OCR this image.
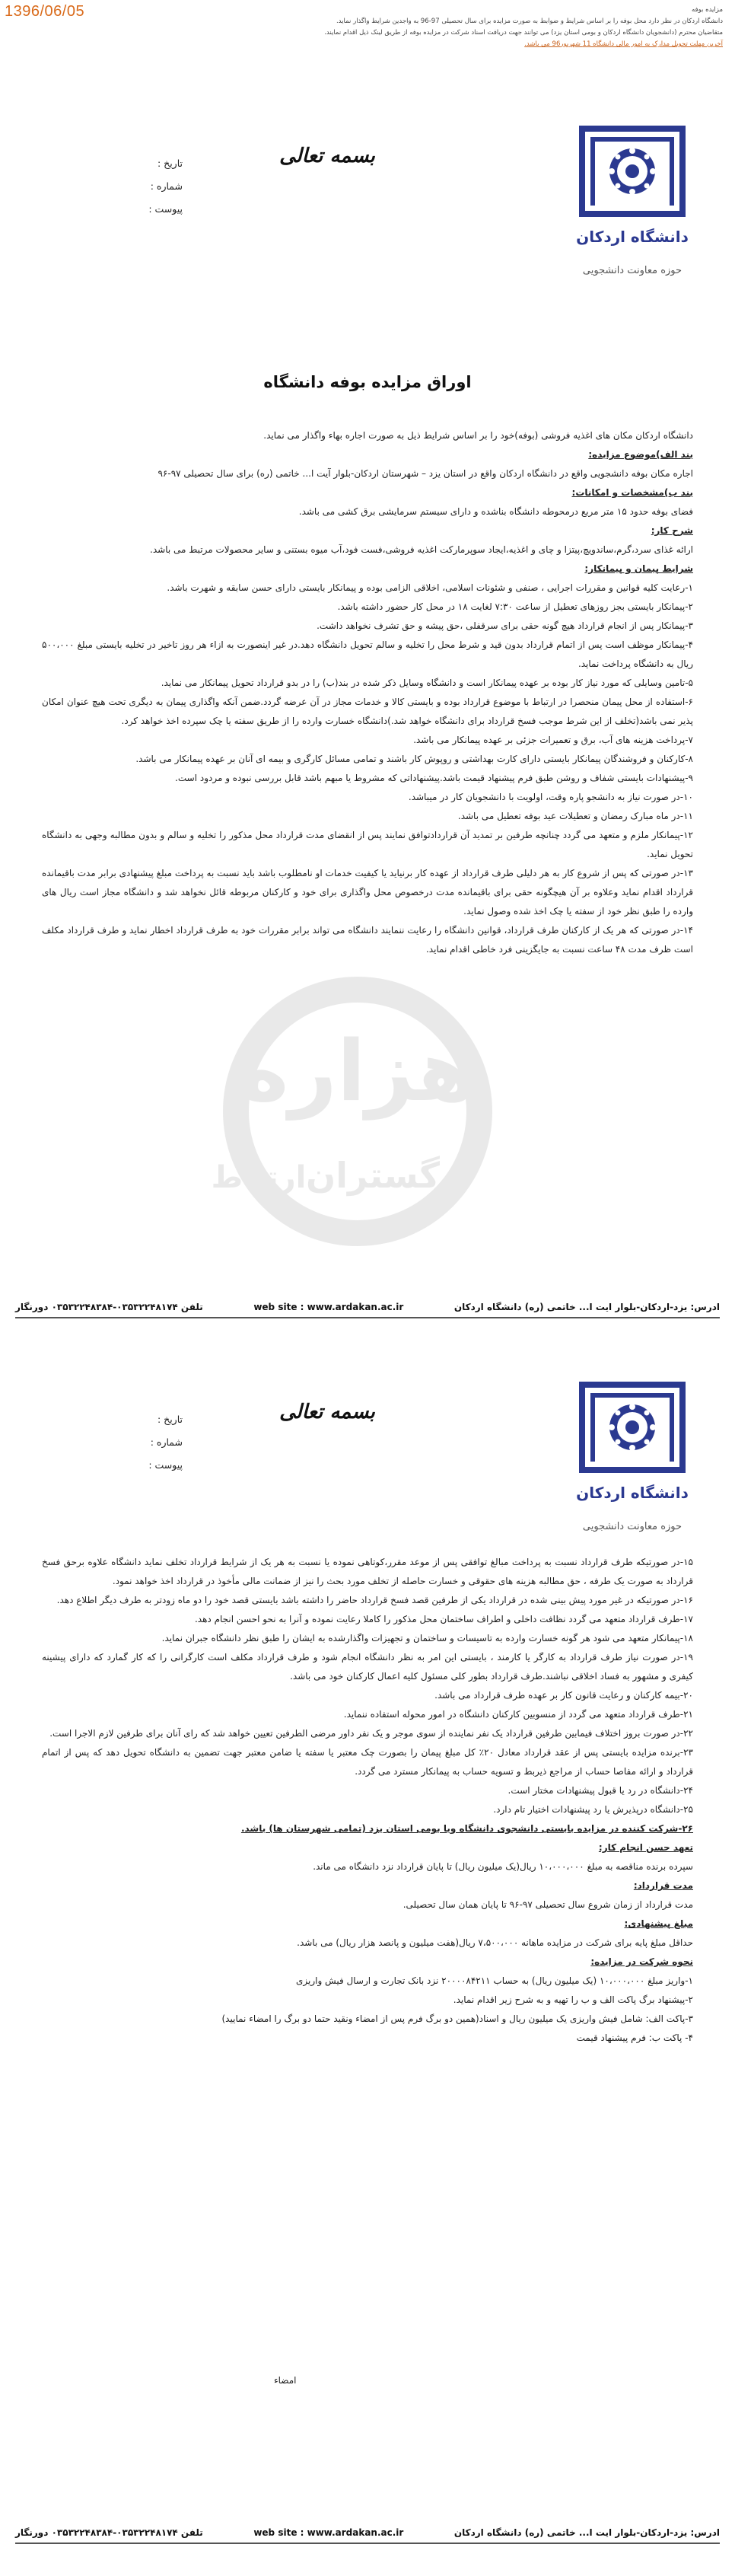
1396/06/05	مزایده بوفه
دانشگاه اردکان در نظر دارد محل بوفه را بر اساس شرایط و ضوابط به صورت مزایده برای سال تحصیلی 97-96 به واجدین شرایط واگذار نماید.
متقاضیان محترم (دانشجویان دانشگاه اردکان و بومی استان یزد) می توانند جهت دریافت اسناد شرکت در مزایده بوفه از طریق لینک ذیل اقدام نمایند.
آخرین مهلت تحویل مدارک به امور مالی دانشگاه 11 شهریور96 می باشد.
دانشگاه اردکان
حوزه معاونت دانشجویی
بسمه تعالی
تاریخ :
شماره :
پیوست :
اوراق مزایده بوفه دانشگاه

دانشگاه اردکان مکان های اغذیه فروشی (بوفه)خود را بر اساس شرایط ذیل به صورت اجاره بهاء واگذار می نماید.

بند الف)موضوع مزایده:

اجاره مکان بوفه دانشجویی واقع در دانشگاه اردکان واقع در استان یزد – شهرستان اردکان-بلوار آیت ا... خاتمی (ره) برای سال تحصیلی ۹۷-۹۶

بند ب)مشخصات و امکانات:

فضای بوفه حدود ۱۵ متر مربع درمحوطه دانشگاه بناشده و دارای سیستم سرمایشی برق کشی می باشد.

شرح کار:

ارائه غذای سرد،گرم،ساندویچ،پیتزا و چای و اغذیه،ایجاد سوپرمارکت اغذیه فروشی،فست فود،آب میوه بستنی و سایر محصولات مرتبط می باشد.

شرایط پیمان و پیمانکار:

۱-رعایت کلیه قوانین و مقررات اجرایی ، صنفی و شئونات اسلامی، اخلاقی الزامی بوده و پیمانکار بایستی دارای حسن سابقه و شهرت باشد.

۲-پیمانکار بایستی بجز روزهای تعطیل از ساعت ۷:۳۰ لغایت ۱۸ در محل کار حضور داشته باشد.

۳-پیمانکار پس از انجام قرارداد هیچ گونه حقی برای سرقفلی ،حق پیشه و حق تشرف نخواهد داشت.

۴-پیمانکار موظف است پس از اتمام قرارداد بدون قید و شرط محل را تخلیه و سالم تحویل دانشگاه دهد.در غیر اینصورت به ازاء هر روز تاخیر در تخلیه بایستی مبلغ ۵۰۰،۰۰۰ ریال به دانشگاه پرداخت نماید.

۵-تامین وسایلی که مورد نیاز کار بوده بر عهده پیمانکار است و دانشگاه وسایل ذکر شده در بند(ب) را در بدو قرارداد تحویل پیمانکار می نماید.

۶-استفاده از محل پیمان منحصرا در ارتباط با موضوع قرارداد بوده و بایستی کالا و خدمات مجاز در آن عرضه گردد.ضمن آنکه واگذاری پیمان به دیگری تحت هیچ عنوان امکان پذیر نمی باشد(تخلف از این شرط موجب فسخ قرارداد برای دانشگاه خواهد شد.)دانشگاه خسارت وارده را از طریق سفته یا چک سپرده اخذ خواهد کرد.

۷-پرداخت هزینه های آب، برق و تعمیرات جزئی بر عهده پیمانکار می باشد.

۸-کارکنان و فروشندگان پیمانکار بایستی دارای کارت بهداشتی و روپوش کار باشند و تمامی مسائل کارگری و بیمه ای آنان بر عهده پیمانکار می باشد.

۹-پیشنهادات بایستی شفاف و روشن طبق فرم پیشنهاد قیمت باشد.پیشنهاداتی که مشروط یا مبهم باشد قابل بررسی نبوده و مردود است.

۱۰-در صورت نیاز به دانشجو پاره وقت، اولویت با دانشجویان کار در میباشد.

۱۱-در ماه مبارک رمضان و تعطیلات عید بوفه تعطیل می باشد.

۱۲-پیمانکار ملزم و متعهد می گردد چنانچه طرفین بر تمدید آن قراردادتوافق نمایند پس از انقضای مدت قرارداد محل مذکور را تخلیه و سالم و بدون مطالبه وجهی به دانشگاه تحویل نماید.

۱۳-در صورتی که پس از شروع کار به هر دلیلی طرف قرارداد از عهده کار برنیاید یا کیفیت خدمات او نامطلوب باشد باید نسبت به پرداخت مبلغ پیشنهادی برابر مدت باقیمانده قرارداد اقدام نماید وعلاوه بر آن هیچگونه حقی برای باقیمانده مدت درخصوص محل واگذاری برای خود و کارکنان مربوطه قائل نخواهد شد و دانشگاه مجاز است ریال های وارده را طبق نظر خود از سفته یا چک اخذ شده وصول نماید.

۱۴-در صورتی که هر یک از کارکنان طرف قرارداد، قوانین دانشگاه را رعایت ننمایند دانشگاه می تواند برابر مقررات خود به طرف قرارداد اخطار نماید و طرف قرارداد مکلف است ظرف مدت ۴۸ ساعت نسبت به جایگزینی فرد خاطی اقدام نماید.

ادرس: یزد-اردکان-بلوار ایت ا... خاتمی (ره) دانشگاه اردکان
web site : www.ardakan.ac.ir
تلفن ۰۳۵۳۲۲۴۸۱۷۴-۰۳۵۳۲۲۴۸۳۸۴ دورنگار
هزاره
گستران
ارتباط
دانشگاه اردکان
حوزه معاونت دانشجویی
بسمه تعالی
تاریخ :
شماره :
پیوست :

۱۵-در صورتیکه طرف قرارداد نسبت به پرداخت مبالغ توافقی پس از موعد مقرر،کوتاهی نموده یا نسبت به هر یک از شرایط قرارداد تخلف نماید دانشگاه علاوه برحق فسخ قرارداد به صورت یک طرفه ، حق مطالبه هزینه های حقوقی و خسارت حاصله از تخلف مورد بحث را نیز از ضمانت مالی مأخوذ در قرارداد اخذ خواهد نمود.

۱۶-در صورتیکه در غیر مورد پیش بینی شده در قرارداد یکی از طرفین قصد فسخ قرارداد حاضر را داشته باشد بایستی قصد خود را دو ماه زودتر به طرف دیگر اطلاع دهد.

۱۷-طرف قرارداد متعهد می گردد نظافت داخلی و اطراف ساختمان محل مذکور را کاملا رعایت نموده و آنرا به نحو احسن انجام دهد.

۱۸-پیمانکار متعهد می شود هر گونه خسارت وارده به تاسیسات و ساختمان و تجهیزات واگذارشده به ایشان را طبق نظر دانشگاه جبران نماید.

۱۹-در صورت نیاز طرف قرارداد به کارگر یا کارمند ، بایستی این امر به نظر دانشگاه انجام شود و طرف قرارداد مکلف است کارگرانی را که کار گمارد که دارای پیشینه کیفری و مشهور به فساد اخلاقی نباشند.طرف قرارداد بطور کلی مسئول کلیه اعمال کارکنان خود می باشد.

۲۰-بیمه کارکنان و رعایت قانون کار بر عهده طرف قرارداد می باشد.

۲۱-طرف قرارداد متعهد می گردد از منسوبین کارکنان دانشگاه در امور محوله استفاده ننماید.

۲۲-در صورت بروز اختلاف فیمابین طرفین قرارداد یک نفر نماینده از سوی موجر و یک نفر داور مرضی الطرفین تعیین خواهد شد که رای آنان برای طرفین لازم الاجرا است.

۲۳-برنده مزایده بایستی پس از عقد قرارداد معادل ۲۰٪ کل مبلغ پیمان را بصورت چک معتبر یا سفته یا ضامن معتبر جهت تضمین به دانشگاه تحویل دهد که پس از اتمام قرارداد و ارائه مفاصا حساب از مراجع ذیربط و تسویه حساب به پیمانکار مسترد می گردد.

۲۴-دانشگاه در رد یا قبول پیشنهادات مختار است.

۲۵-دانشگاه درپذیرش یا رد پیشنهادات اختیار تام دارد.

۲۶-شرکت کننده در مزایده بایستی دانشجوی دانشگاه ویا بومی استان یزد (تمامی شهرستان ها) باشد.

تعهد حسن انجام کار:

سپرده برنده مناقصه به مبلغ ۱۰،۰۰۰،۰۰۰ ریال(یک میلیون ریال) تا پایان قرارداد نزد دانشگاه می ماند.

مدت قرارداد:

مدت قرارداد از زمان شروع سال تحصیلی ۹۷-۹۶ تا پایان همان سال تحصیلی.

مبلغ پیشنهادی:

حداقل مبلغ پایه برای شرکت در مزایده ماهانه ۷،۵۰۰،۰۰۰ ریال(هفت میلیون و پانصد هزار ریال) می باشد.

نحوه شرکت در مزایده:

۱-واریز مبلغ ۱۰،۰۰۰،۰۰۰ (یک میلیون ریال) به حساب ۲۰۰۰۰۸۴۲۱۱ نزد بانک تجارت و ارسال فیش واریزی

۲-پیشنهاد برگ پاکت الف و ب را تهیه و به شرح زیر اقدام نماید.

۳-پاکت الف: شامل فیش واریزی یک میلیون ریال و اسناد(همین دو برگ فرم پس از امضاء ونقید حتما دو برگ را امضاء نمایید)

۴- پاکت ب: فرم پیشنهاد قیمت

امضاء
ادرس: یزد-اردکان-بلوار ایت ا... خاتمی (ره) دانشگاه اردکان
web site : www.ardakan.ac.ir
تلفن ۰۳۵۳۲۲۴۸۱۷۴-۰۳۵۳۲۲۴۸۳۸۴ دورنگار
